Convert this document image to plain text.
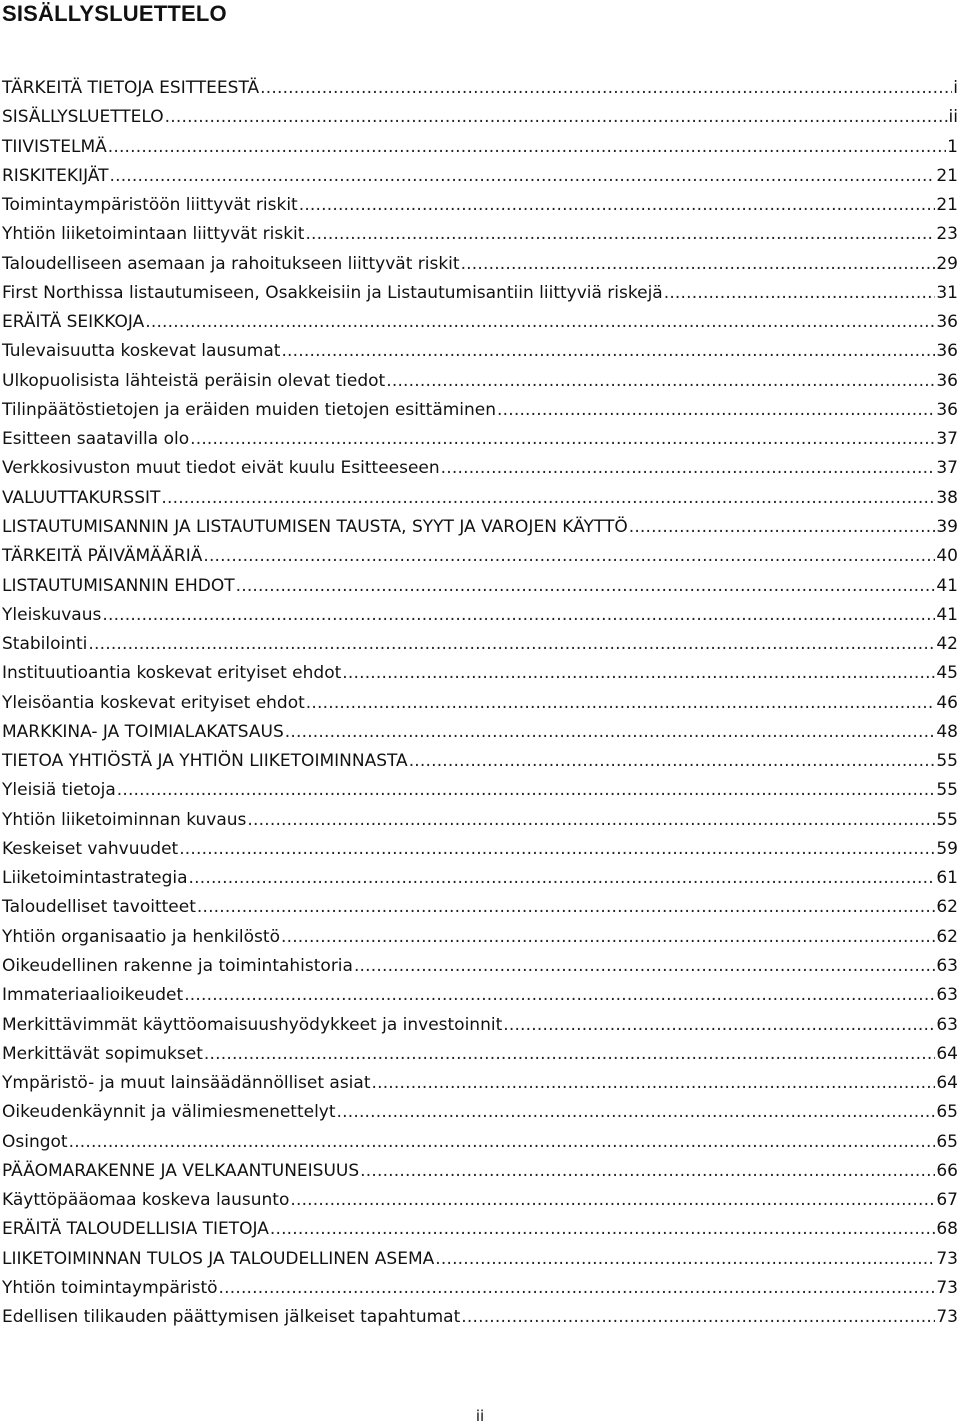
SISÄLLYSLUETTELO
TÄRKEITÄ TIETOJA ESITTEESTÄ .....	i
SISÄLLYSLUETTELO .....	ii
TIIVISTELMÄ .....	1
RISKITEKIJÄT .....	21
Toimintaympäristöön liittyvät riskit .....	21
Yhtiön liiketoimintaan liittyvät riskit .....	23
Taloudelliseen asemaan ja rahoitukseen liittyvät riskit .....	29
First Northissa listautumiseen, Osakkeisiin ja Listautumisantiin liittyviä riskejä .....	31
ERÄITÄ SEIKKOJA .....	36
Tulevaisuutta koskevat lausumat .....	36
Ulkopuolisista lähteistä peräisin olevat tiedot .....	36
Tilinpäätöstietojen ja eräiden muiden tietojen esittäminen .....	36
Esitteen saatavilla olo .....	37
Verkkosivuston muut tiedot eivät kuulu Esitteeseen .....	37
VALUUTTAKURSSIT .....	38
LISTAUTUMISANNIN JA LISTAUTUMISEN TAUSTA, SYYT JA VAROJEN KÄYTTÖ .....	39
TÄRKEITÄ PÄIVÄMÄÄRIÄ .....	40
LISTAUTUMISANNIN EHDOT .....	41
Yleiskuvaus .....	41
Stabilointi .....	42
Instituutioantia koskevat erityiset ehdot .....	45
Yleisöantia koskevat erityiset ehdot .....	46
MARKKINA- JA TOIMIALAKATSAUS .....	48
TIETOA YHTIÖSTÄ JA YHTIÖN LIIKETOIMINNASTA .....	55
Yleisiä tietoja .....	55
Yhtiön liiketoiminnan kuvaus .....	55
Keskeiset vahvuudet .....	59
Liiketoimintastrategia .....	61
Taloudelliset tavoitteet .....	62
Yhtiön organisaatio ja henkilöstö .....	62
Oikeudellinen rakenne ja toimintahistoria .....	63
Immateriaalioikeudet .....	63
Merkittävimmät käyttöomaisuushyödykkeet ja investoinnit .....	63
Merkittävät sopimukset .....	64
Ympäristö- ja muut lainsäädännölliset asiat .....	64
Oikeudenkäynnit ja välimiesmenettelyt .....	65
Osingot .....	65
PÄÄOMARAKENNE JA VELKAANTUNEISUUS .....	66
Käyttöpääomaa koskeva lausunto .....	67
ERÄITÄ TALOUDELLISIA TIETOJA .....	68
LIIKETOIMINNAN TULOS JA TALOUDELLINEN ASEMA .....	73
Yhtiön toimintaympäristö .....	73
Edellisen tilikauden päättymisen jälkeiset tapahtumat .....	73
ii
